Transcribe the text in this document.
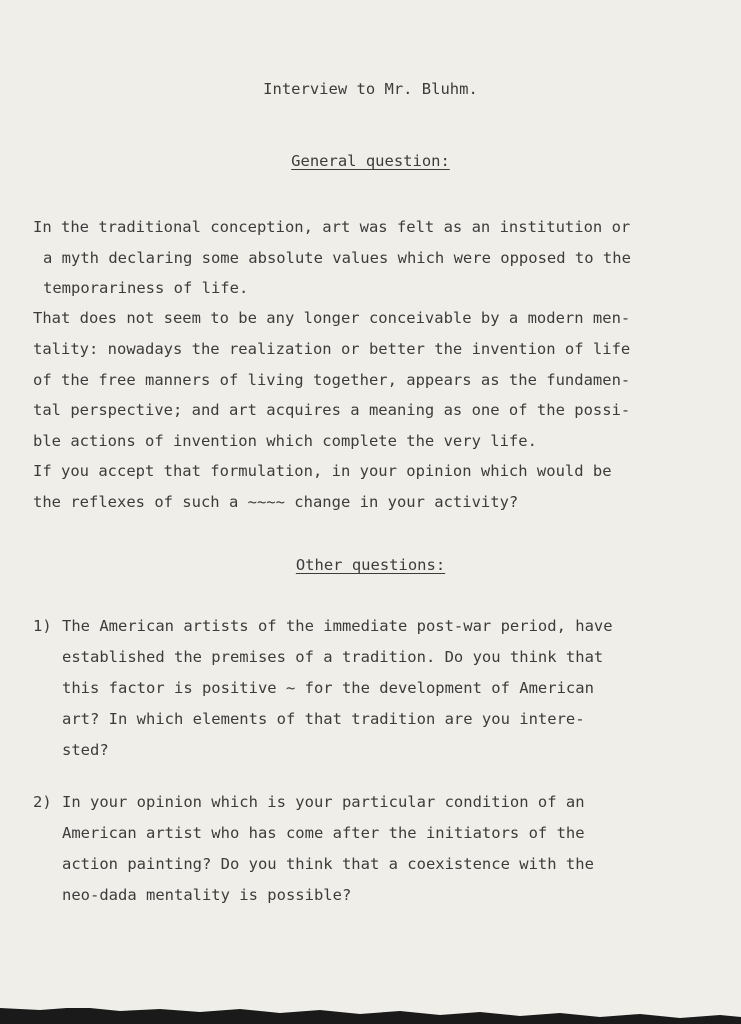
Interview to Mr. Bluhm.

General question:

In the traditional conception, art was felt as an institution or

a myth declaring some absolute values which were opposed to the

temporariness of life.

That does not seem to be any longer conceivable by a modern men-

tality: nowadays the realization or better the invention of life

of the free manners of living together, appears as the fundamen-

tal perspective; and art acquires a meaning as one of the possi-

ble actions of invention which complete the very life.

If you accept that formulation, in your opinion which would be

the reflexes of such a ~~~~ change in your activity?

Other questions:

1) The American artists of the immediate post-war period, have

established the premises of a tradition. Do you think that

this factor is positive ~ for the development of American

art? In which elements of that tradition are you intere-

sted?

2) In your opinion which is your particular condition of an

American artist who has come after the initiators of the

action painting? Do you think that a coexistence with the

neo-dada mentality is possible?
